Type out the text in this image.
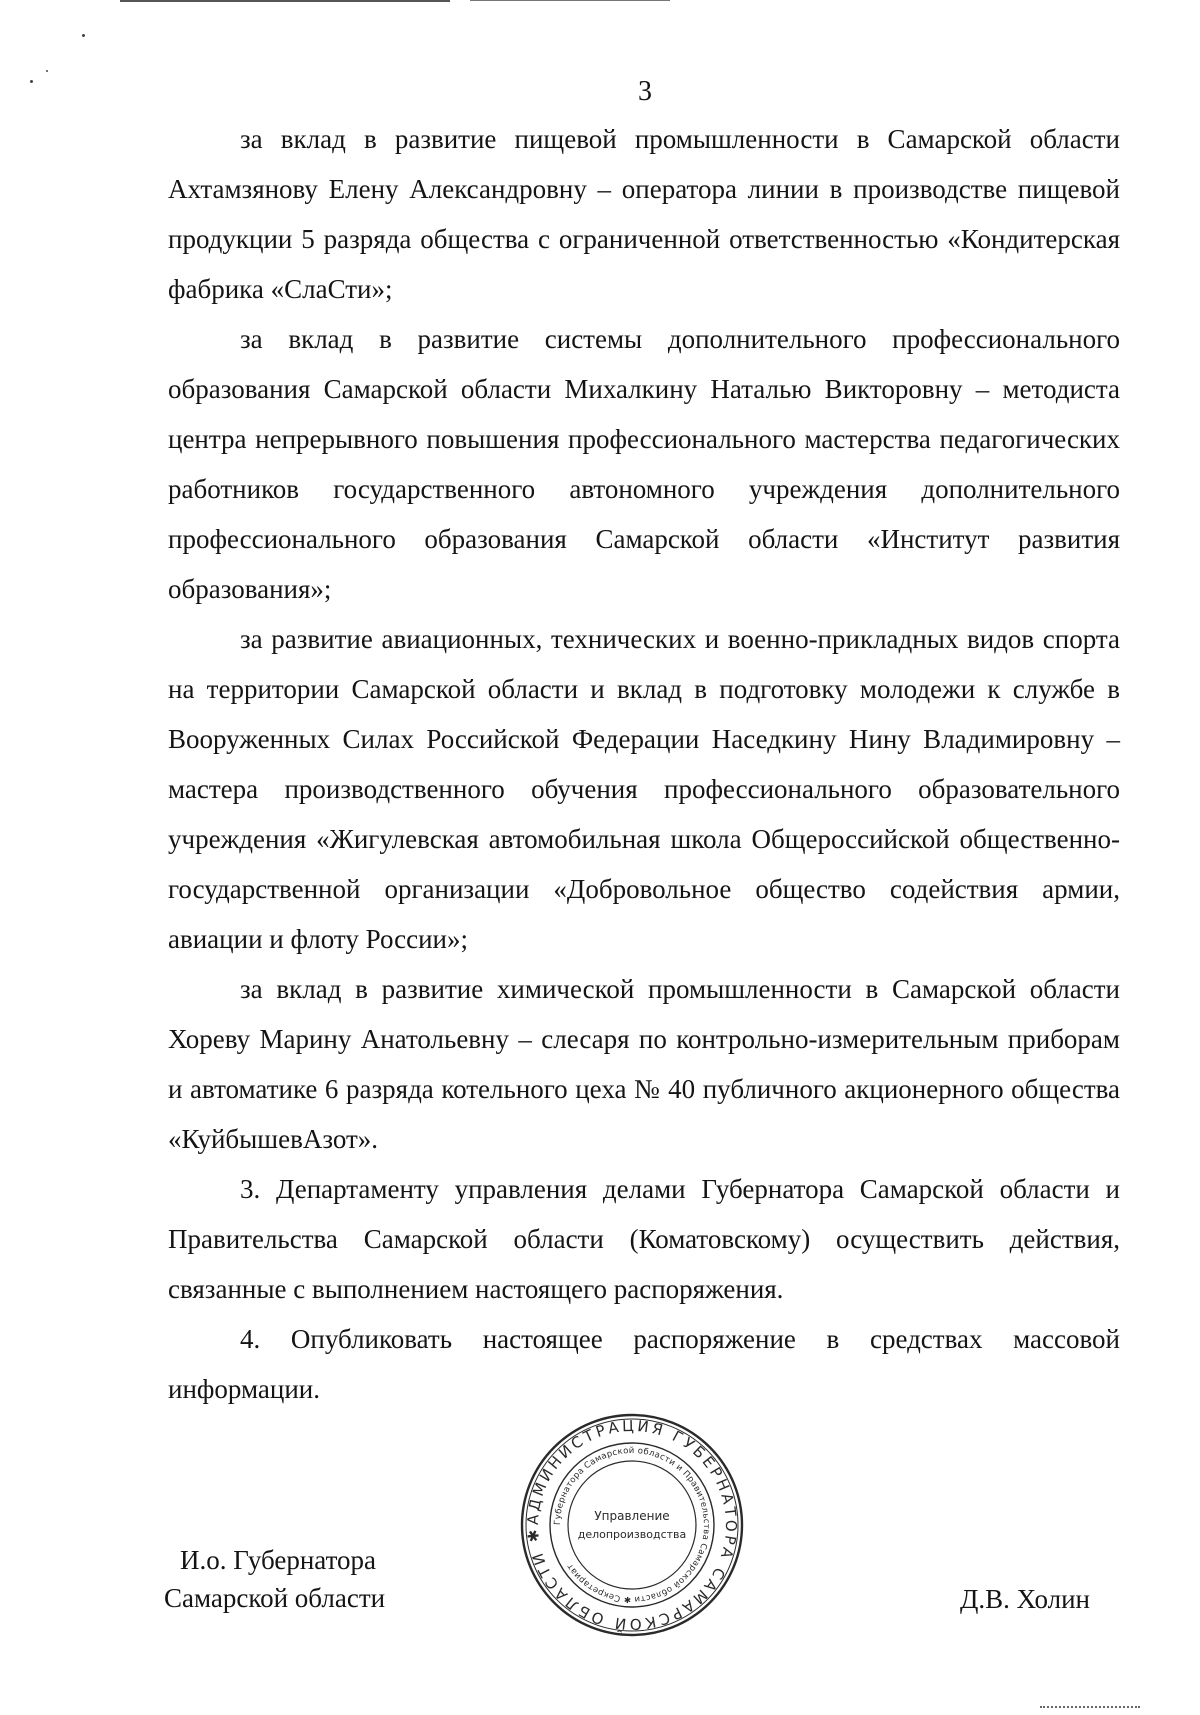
3

за вклад в развитие пищевой промышленности в Самарской области Ахтамзянову Елену Александровну – оператора линии в производстве пищевой продукции 5 разряда общества с ограниченной ответственностью «Кондитерская фабрика «СлаСти»;

за вклад в развитие системы дополнительного профессионального образования Самарской области Михалкину Наталью Викторовну – методиста центра непрерывного повышения профессионального мастерства педагогических работников государственного автономного учреждения дополнительного профессионального образования Самарской области «Институт развития образования»;

за развитие авиационных, технических и военно-прикладных видов спорта на территории Самарской области и вклад в подготовку молодежи к службе в Вооруженных Силах Российской Федерации Наседкину Нину Владимировну – мастера производственного обучения профессионального образовательного учреждения «Жигулевская автомобильная школа Общероссийской общественно-государственной организации «Добровольное общество содействия армии, авиации и флоту России»;

за вклад в развитие химической промышленности в Самарской области Хореву Марину Анатольевну – слесаря по контрольно-измерительным приборам и автоматике 6 разряда котельного цеха № 40 публичного акционерного общества «КуйбышевАзот».

3. Департаменту управления делами Губернатора Самарской области и Правительства Самарской области (Коматовскому) осуществить действия, связанные с выполнением настоящего распоряжения.

4. Опубликовать настоящее распоряжение в средствах массовой информации.

И.о. Губернатора
Самарской области
АДМИНИСТРАЦИЯ ГУБЕРНАТОРА САМАРСКОЙ ОБЛАСТИ ✱
Губернатора Самарской области и Правительства Самарской области ✱ Секретариат
Управление
делопроизводства
Д.В. Холин
